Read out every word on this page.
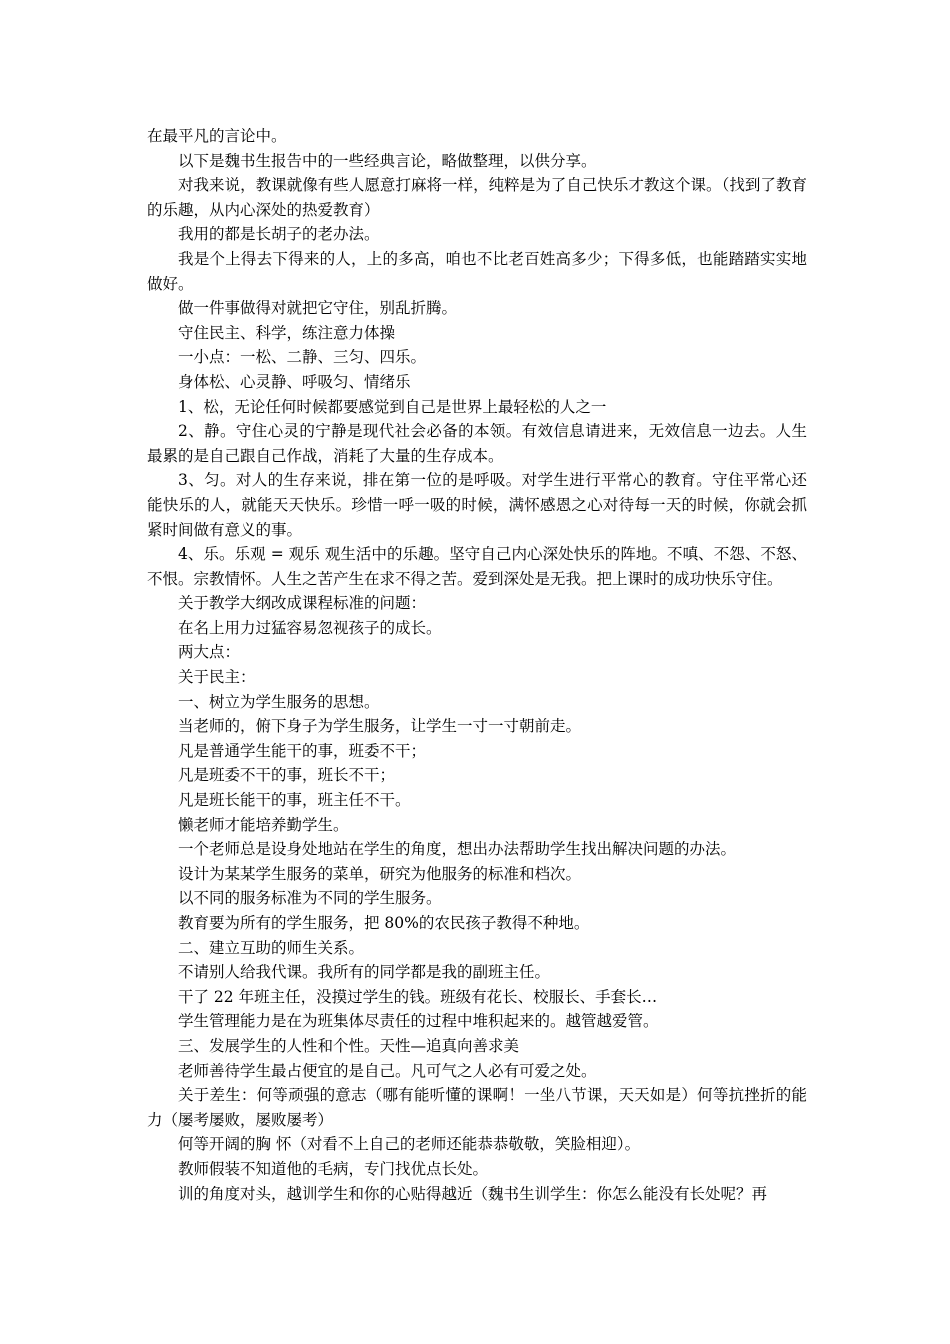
在最平凡的言论中。

以下是魏书生报告中的一些经典言论，略做整理，以供分享。

对我来说，教课就像有些人愿意打麻将一样，纯粹是为了自己快乐才教这个课。（找到了教育的乐趣，从内心深处的热爱教育）

我用的都是长胡子的老办法。

我是个上得去下得来的人，上的多高，咱也不比老百姓高多少；下得多低，也能踏踏实实地做好。

做一件事做得对就把它守住，别乱折腾。

守住民主、科学，练注意力体操

一小点：一松、二静、三匀、四乐。

身体松、心灵静、呼吸匀、情绪乐

1、松，无论任何时候都要感觉到自己是世界上最轻松的人之一

2、静。守住心灵的宁静是现代社会必备的本领。有效信息请进来，无效信息一边去。人生最累的是自己跟自己作战，消耗了大量的生存成本。

3、匀。对人的生存来说，排在第一位的是呼吸。对学生进行平常心的教育。守住平常心还能快乐的人，就能天天快乐。珍惜一呼一吸的时候，满怀感恩之心对待每一天的时候，你就会抓紧时间做有意义的事。

4、乐。乐观 = 观乐 观生活中的乐趣。坚守自己内心深处快乐的阵地。不嗔、不怨、不怒、不恨。宗教情怀。人生之苦产生在求不得之苦。爱到深处是无我。把上课时的成功快乐守住。

关于教学大纲改成课程标准的问题：

在名上用力过猛容易忽视孩子的成长。

两大点：

关于民主：

一、树立为学生服务的思想。

当老师的，俯下身子为学生服务，让学生一寸一寸朝前走。

凡是普通学生能干的事，班委不干；

凡是班委不干的事，班长不干；

凡是班长能干的事，班主任不干。

懒老师才能培养勤学生。

一个老师总是设身处地站在学生的角度，想出办法帮助学生找出解决问题的办法。

设计为某某学生服务的菜单，研究为他服务的标准和档次。

以不同的服务标准为不同的学生服务。

教育要为所有的学生服务，把 80%的农民孩子教得不种地。

二、建立互助的师生关系。

不请别人给我代课。我所有的同学都是我的副班主任。

干了 22 年班主任，没摸过学生的钱。班级有花长、校服长、手套长…

学生管理能力是在为班集体尽责任的过程中堆积起来的。越管越爱管。

三、发展学生的人性和个性。天性—追真向善求美

老师善待学生最占便宜的是自己。凡可气之人必有可爱之处。

关于差生：何等顽强的意志（哪有能听懂的课啊！一坐八节课，天天如是）何等抗挫折的能力（屡考屡败，屡败屡考）

何等开阔的胸 怀（对看不上自己的老师还能恭恭敬敬，笑脸相迎）。

教师假装不知道他的毛病，专门找优点长处。

训的角度对头，越训学生和你的心贴得越近（魏书生训学生：你怎么能没有长处呢？再
